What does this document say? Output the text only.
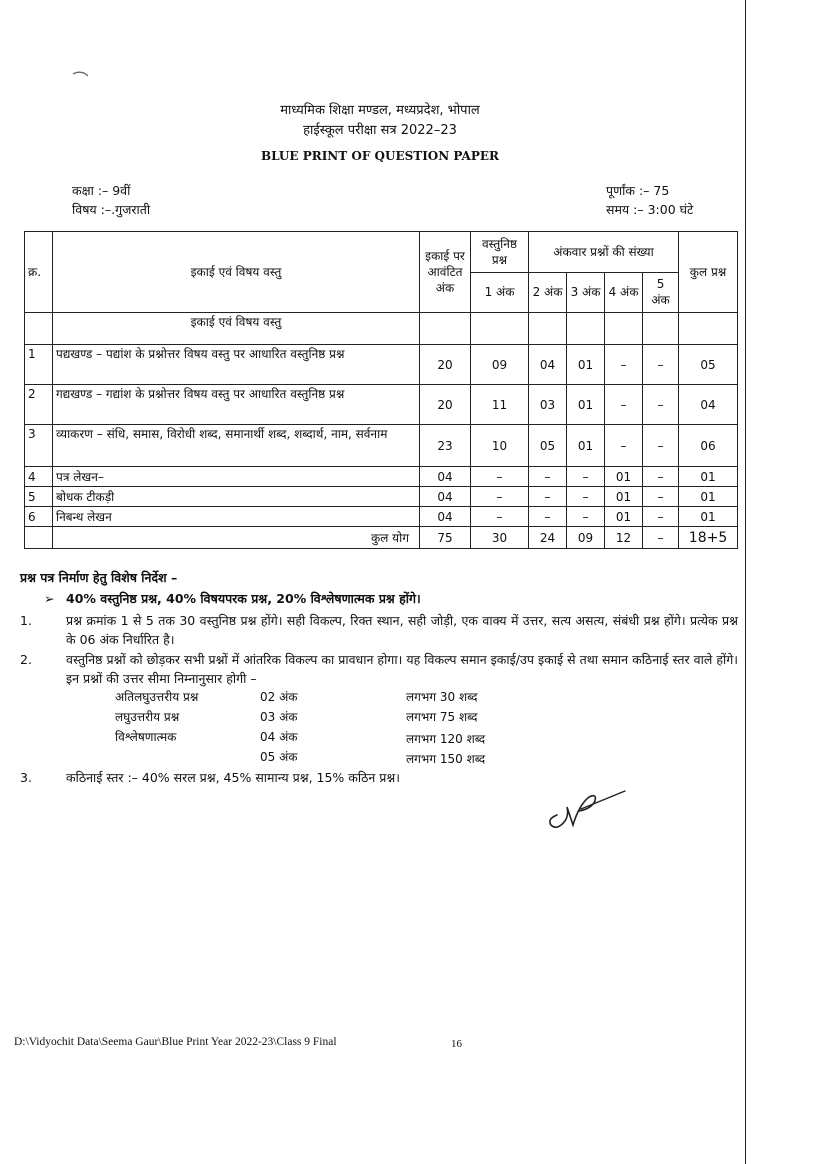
माध्यमिक शिक्षा मण्डल, मध्यप्रदेश, भोपाल
हाईस्कूल परीक्षा सत्र 2022–23
BLUE PRINT OF QUESTION PAPER
कक्षा :– 9वीं
विषय :–.गुजराती
पूर्णांक :– 75
समय :– 3:00 घंटे
क्र.	इकाई एवं विषय वस्तु	इकाई पर आवंटित अंक	वस्तुनिष्ठ प्रश्न	अंकवार प्रश्नों की संख्या				कुल प्रश्न
			1 अंक	2 अंक	3 अंक	4 अंक	5 अंक	
	इकाई एवं विषय वस्तु							
1	पद्यखण्ड – पद्यांश के प्रश्नोत्तर विषय वस्तु पर आधारित वस्तुनिष्ठ प्रश्न	20	09	04	01	–	–	05
2	गद्यखण्ड – गद्यांश के प्रश्नोत्तर विषय वस्तु पर आधारित वस्तुनिष्ठ प्रश्न	20	11	03	01	–	–	04
3	व्याकरण – संधि, समास, विरोधी शब्द, समानार्थी शब्द, शब्दार्थ, नाम, सर्वनाम	23	10	05	01	–	–	06
4	पत्र लेखन–	04	–	–	–	01	–	01
5	बोधक टीकड़ी	04	–	–	–	01	–	01
6	निबन्ध लेखन	04	–	–	–	01	–	01
	कुल योग	75	30	24	09	12	–	18+5
प्रश्न पत्र निर्माण हेतु विशेष निर्देश –
➢ 40% वस्तुनिष्ठ प्रश्न, 40% विषयपरक प्रश्न, 20% विश्लेषणात्मक प्रश्न होंगे।
1.	प्रश्न क्रमांक 1 से 5 तक 30 वस्तुनिष्ठ प्रश्न होंगे। सही विकल्प, रिक्त स्थान, सही जोड़ी, एक वाक्य में उत्तर, सत्य असत्य, संबंधी प्रश्न होंगे। प्रत्येक प्रश्न के 06 अंक निर्धारित है।
2.	वस्तुनिष्ठ प्रश्नों को छोड़कर सभी प्रश्नों में आंतरिक विकल्प का प्रावधान होगा। यह विकल्प समान इकाई/उप इकाई से तथा समान कठिनाई स्तर वाले होंगे। इन प्रश्नों की उत्तर सीमा निम्नानुसार होगी –
अतिलघुउत्तरीय प्रश्न	02 अंक	लगभग 30 शब्द
लघुउत्तरीय प्रश्न	03 अंक	लगभग 75 शब्द
विश्लेषणात्मक	04 अंक	लगभग 120 शब्द
05 अंक	लगभग 150 शब्द
3.	कठिनाई स्तर :– 40% सरल प्रश्न, 45% सामान्य प्रश्न, 15% कठिन प्रश्न।
D:\Vidyochit Data\Seema Gaur\Blue Print Year 2022-23\Class 9 Final	16
